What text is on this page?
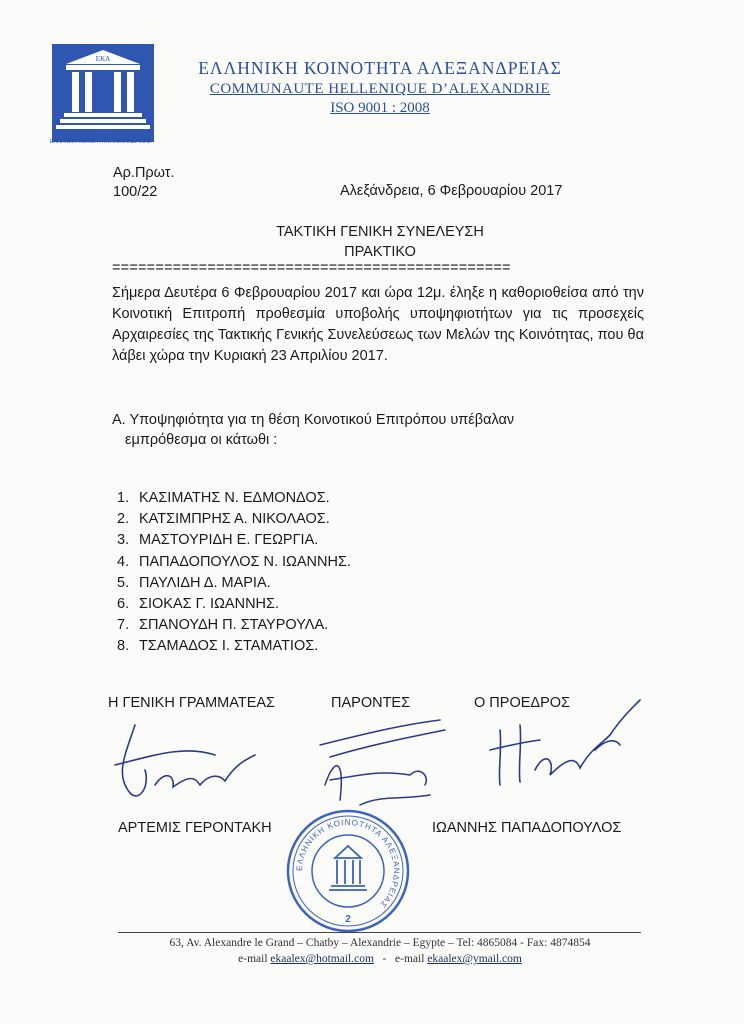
ΕΚΑ
ΕΛΛΗΝΙΚΗ ΚΟΙΝΟΤΗΤΑ ΑΛΕΞΑΝΔΡΕΙΑΣ
ΕΛΛΗΝΙΚΗ ΚΟΙΝΟΤΗΤΑ ΑΛΕΞΑΝΔΡΕΙΑΣ
COMMUNAUTE HELLENIQUE D’ALEXANDRIE
ISO 9001 : 2008
Αρ.Πρωτ.
100/22	Αλεξάνδρεια, 6 Φεβρουαρίου 2017
ΤΑΚΤΙΚΗ ΓΕΝΙΚΗ ΣΥΝΕΛΕΥΣΗ
ΠΡΑΚΤΙΚΟ
==============================================
Σήμερα Δευτέρα 6 Φεβρουαρίου 2017 και ώρα 12μ. έληξε η καθοριοθείσα από την Κοινοτική Επιτροπή προθεσμία υποβολής υποψηφιοτήτων για τις προσεχείς Αρχαιρεσίες της Τακτικής Γενικής Συνελεύσεως των Μελών της Κοινότητας, που θα λάβει χώρα την Κυριακή 23 Απριλίου 2017.
Α. Υποψηφιότητα για τη θέση Κοινοτικού Επιτρόπου υπέβαλαν
εμπρόθεσμα οι κάτωθι :
1. ΚΑΣΙΜΑΤΗΣ Ν. ΕΔΜΟΝΔΟΣ.
2. ΚΑΤΣΙΜΠΡΗΣ Α. ΝΙΚΟΛΑΟΣ.
3. ΜΑΣΤΟΥΡΙΔΗ Ε. ΓΕΩΡΓΙΑ.
4. ΠΑΠΑΔΟΠΟΥΛΟΣ Ν. ΙΩΑΝΝΗΣ.
5. ΠΑΥΛΙΔΗ Δ. ΜΑΡΙΑ.
6. ΣΙΟΚΑΣ Γ. ΙΩΑΝΝΗΣ.
7. ΣΠΑΝΟΥΔΗ Π. ΣΤΑΥΡΟΥΛΑ.
8. ΤΣΑΜΑΔΟΣ Ι. ΣΤΑΜΑΤΙΟΣ.
Η ΓΕΝΙΚΗ ΓΡΑΜΜΑΤΕΑΣ	ΠΑΡΟΝΤΕΣ	Ο ΠΡΟΕΔΡΟΣ
ΑΡΤΕΜΙΣ ΓΕΡΟΝΤΑΚΗ	ΙΩΑΝΝΗΣ ΠΑΠΑΔΟΠΟΥΛΟΣ
ΕΛΛΗΝΙΚΗ ΚΟΙΝΟΤΗΤΑ ΑΛΕΞΑΝΔΡΕΙΑΣ
2
63, Av. Alexandre le Grand – Chatby – Alexandrie – Egypte – Tel: 4865084 - Fax: 4874854
e-mail ekaalex@hotmail.com - e-mail ekaalex@ymail.com
